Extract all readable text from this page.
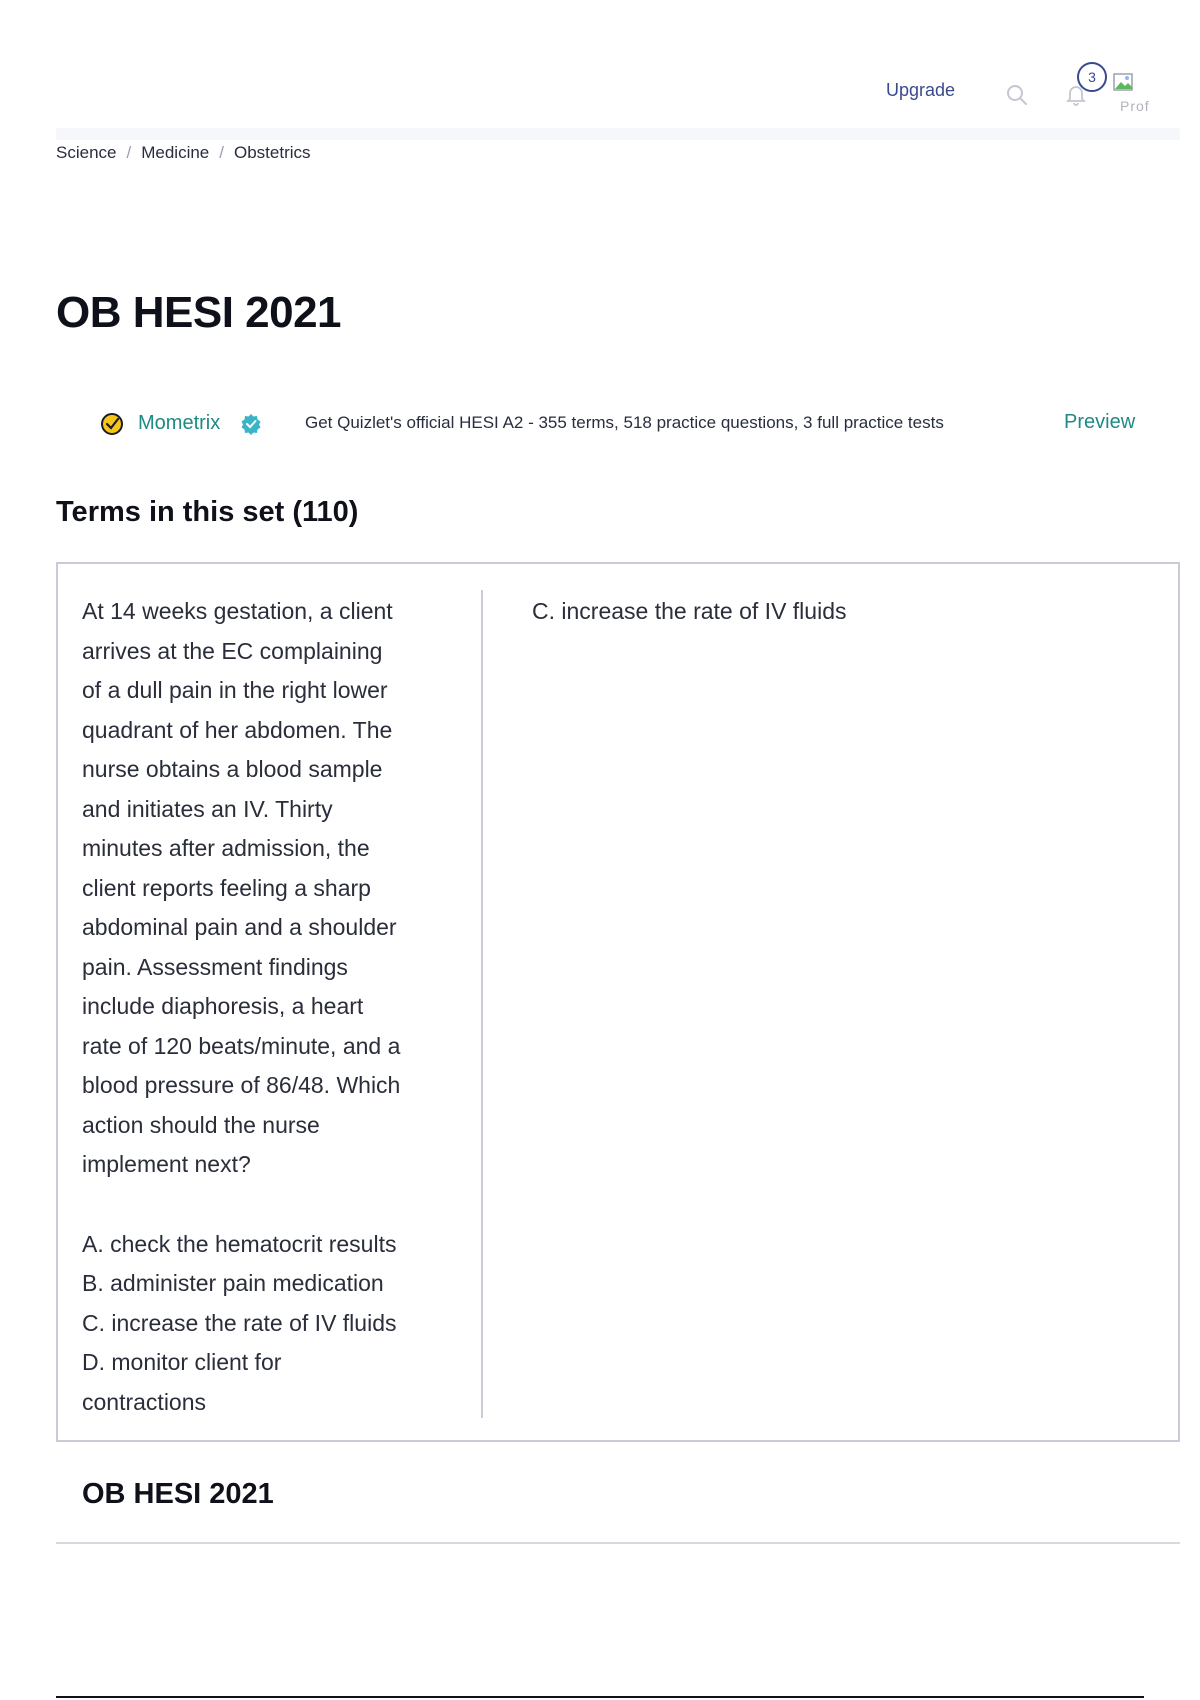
Upgrade
3
Prof
Science / Medicine / Obstetrics
OB HESI 2021
Mometrix	Get Quizlet's official HESI A2 - 355 terms, 518 practice questions, 3 full practice tests	Preview
Terms in this set (110)
At 14 weeks gestation, a client
arrives at the EC complaining
of a dull pain in the right lower
quadrant of her abdomen. The
nurse obtains a blood sample
and initiates an IV. Thirty
minutes after admission, the
client reports feeling a sharp
abdominal pain and a shoulder
pain. Assessment findings
include diaphoresis, a heart
rate of 120 beats/minute, and a
blood pressure of 86/48. Which
action should the nurse
implement next?
A. check the hematocrit results
B. administer pain medication
C. increase the rate of IV fluids
D. monitor client for
contractions
C. increase the rate of IV fluids
OB HESI 2021
